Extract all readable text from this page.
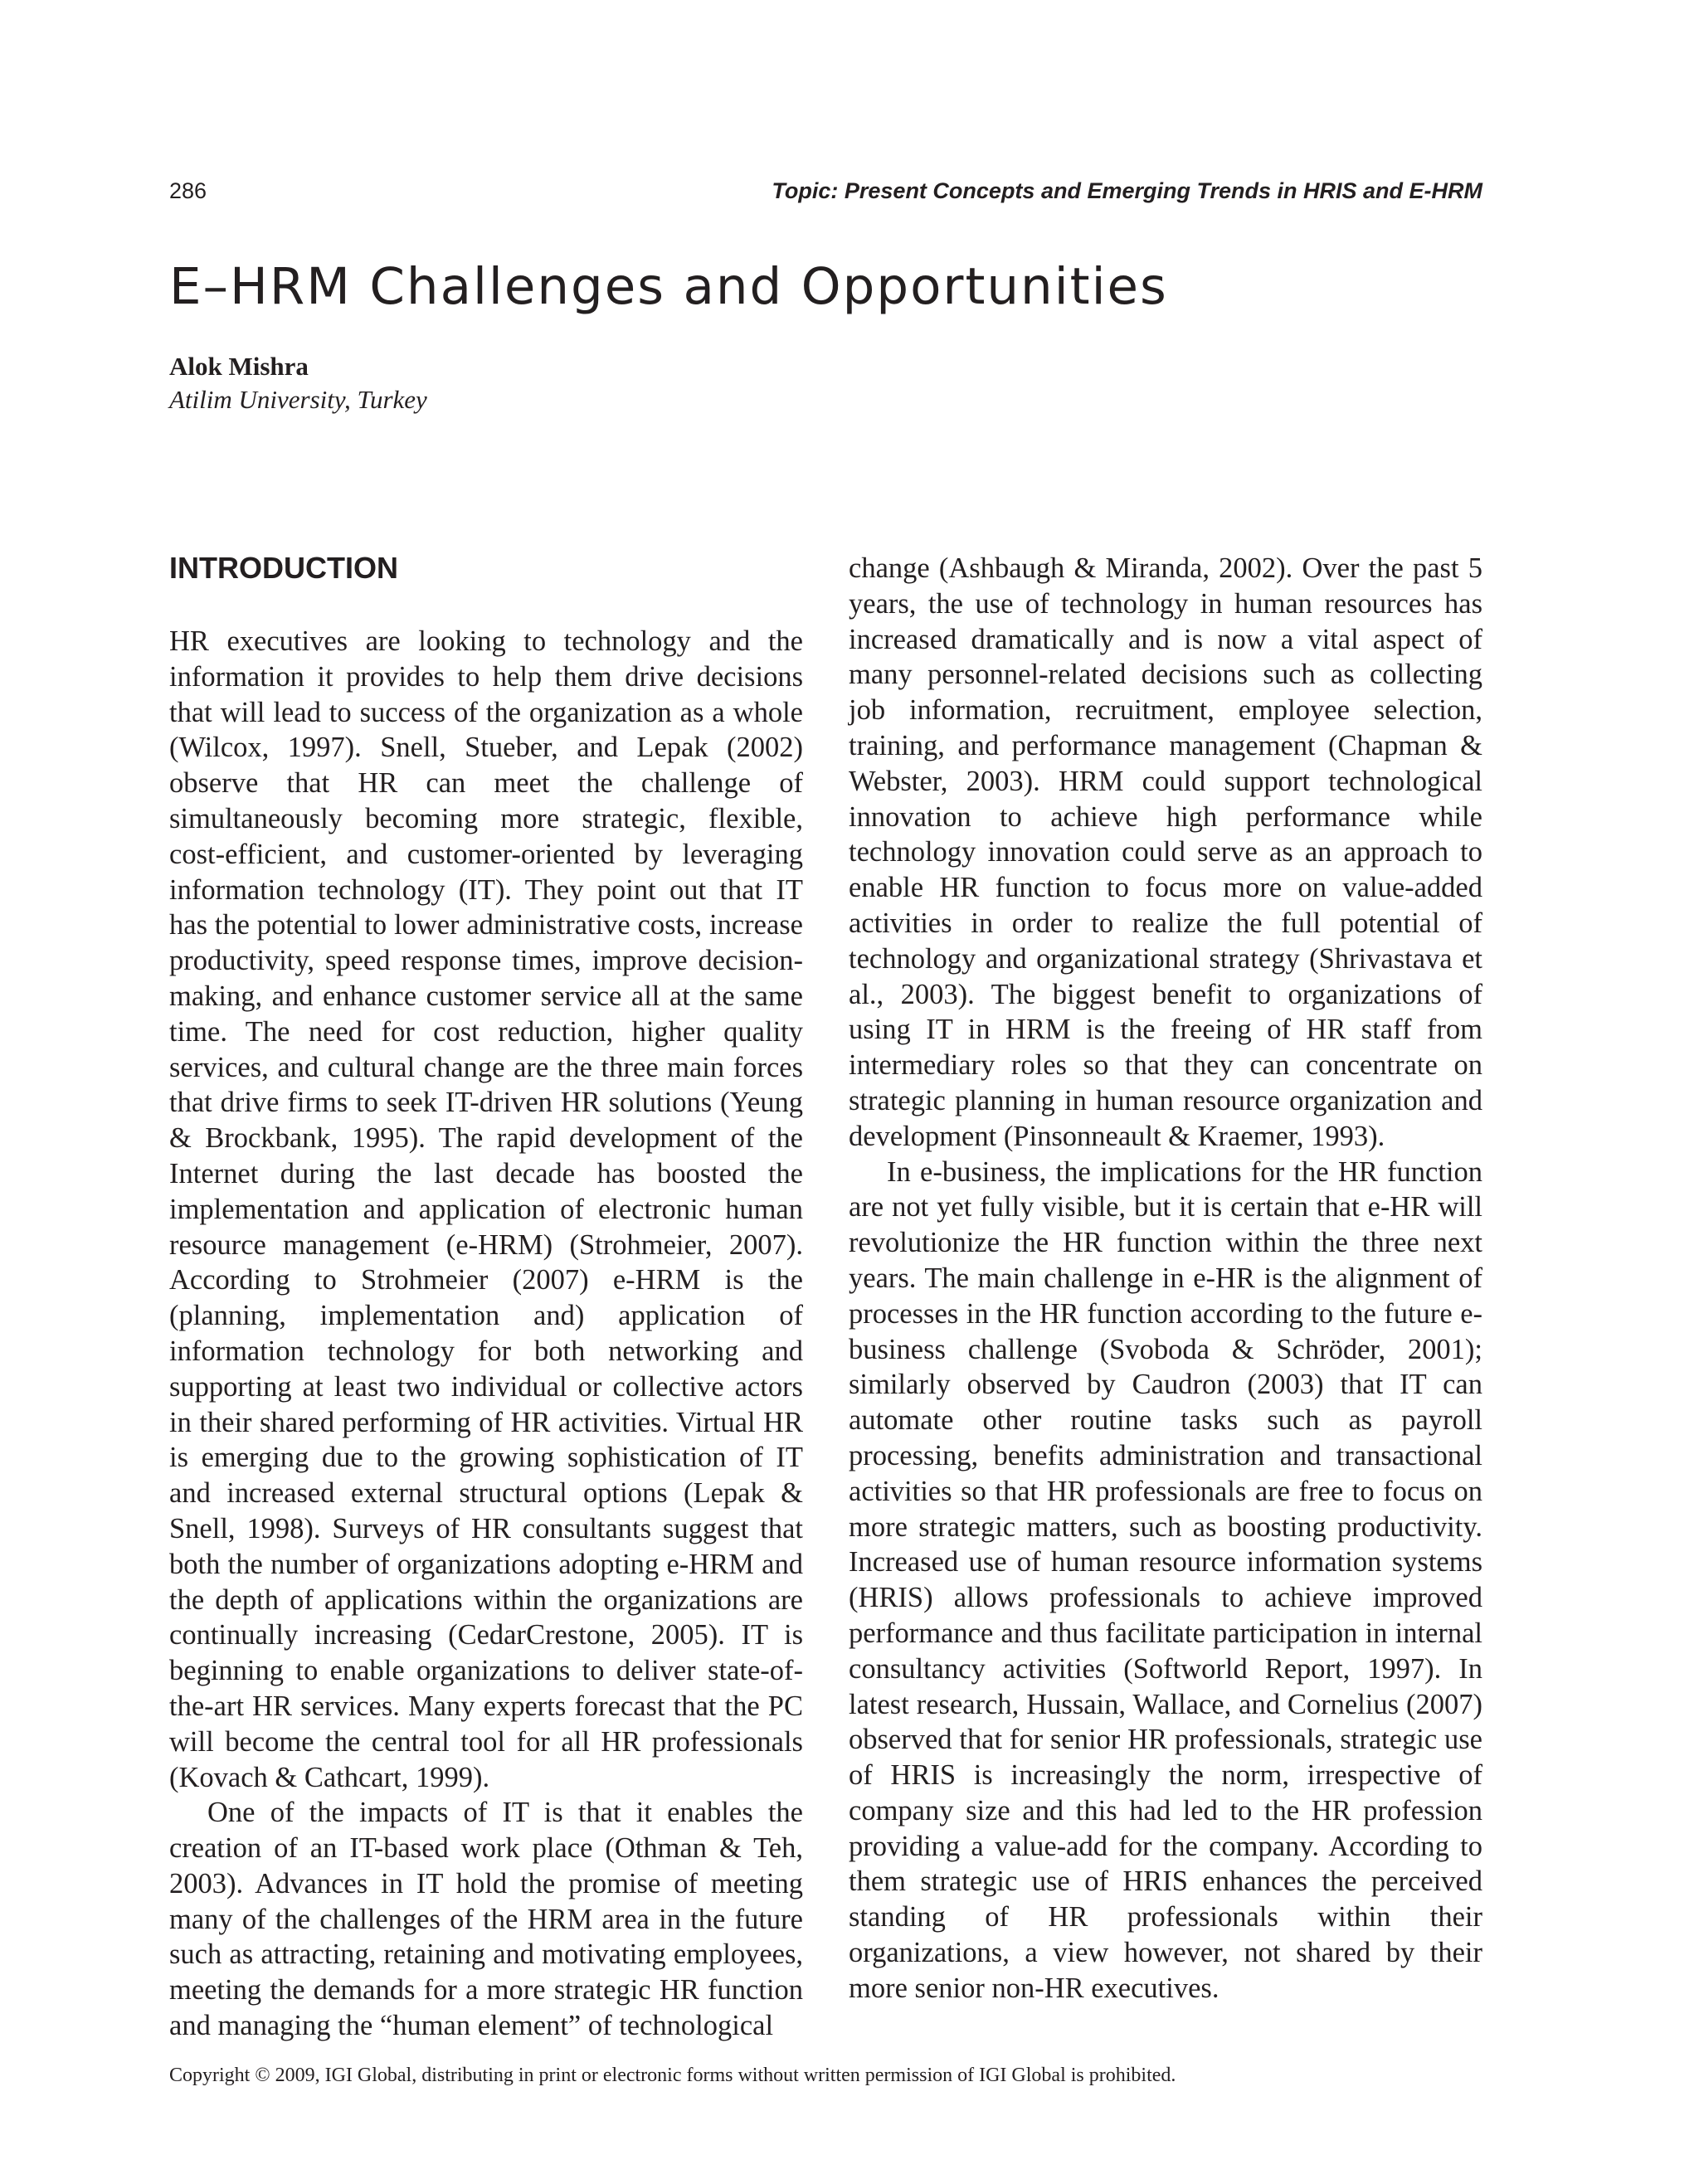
286	Topic: Present Concepts and Emerging Trends in HRIS and E-HRM
E–HRM Challenges and Opportunities
Alok Mishra
Atilim University, Turkey
INTRODUCTION

HR executives are looking to technology and the information it provides to help them drive decisions that will lead to success of the organization as a whole (Wilcox, 1997). Snell, Stueber, and Lepak (2002) observe that HR can meet the challenge of simultaneously becoming more strategic, flexible, cost-efficient, and customer-oriented by leveraging information technology (IT). They point out that IT has the potential to lower administrative costs, increase productivity, speed response times, improve decision-making, and enhance customer service all at the same time. The need for cost reduction, higher quality services, and cultural change are the three main forces that drive firms to seek IT-driven HR solutions (Yeung & Brockbank, 1995). The rapid development of the Internet during the last decade has boosted the implementation and application of electronic human resource management (e-HRM) (Strohmeier, 2007). According to Strohmeier (2007) e-HRM is the (planning, implementation and) application of information technology for both networking and supporting at least two individual or collective actors in their shared performing of HR activities. Virtual HR is emerging due to the growing sophistication of IT and increased external structural options (Lepak & Snell, 1998). Surveys of HR consultants suggest that both the number of organizations adopting e-HRM and the depth of applications within the organizations are continually increasing (CedarCrestone, 2005). IT is beginning to enable organizations to deliver state-of-the-art HR services. Many experts forecast that the PC will become the central tool for all HR professionals (Kovach & Cathcart, 1999).

One of the impacts of IT is that it enables the creation of an IT-based work place (Othman & Teh, 2003). Advances in IT hold the promise of meeting many of the challenges of the HRM area in the future such as attracting, retaining and motivating employees, meeting the demands for a more strategic HR function and managing the “human element” of technological

change (Ashbaugh & Miranda, 2002). Over the past 5 years, the use of technology in human resources has increased dramatically and is now a vital aspect of many personnel-related decisions such as collecting job information, recruitment, employee selection, training, and performance management (Chapman & Webster, 2003). HRM could support technological innovation to achieve high performance while technology innovation could serve as an approach to enable HR function to focus more on value-added activities in order to realize the full potential of technology and organizational strategy (Shrivastava et al., 2003). The biggest benefit to organizations of using IT in HRM is the freeing of HR staff from intermediary roles so that they can concentrate on strategic planning in human resource organization and development (Pinsonneault & Kraemer, 1993).

In e-business, the implications for the HR function are not yet fully visible, but it is certain that e-HR will revolutionize the HR function within the three next years. The main challenge in e-HR is the alignment of processes in the HR function according to the future e-business challenge (Svoboda & Schröder, 2001); similarly observed by Caudron (2003) that IT can automate other routine tasks such as payroll processing, benefits administration and transactional activities so that HR professionals are free to focus on more strategic matters, such as boosting productivity. Increased use of human resource information systems (HRIS) allows professionals to achieve improved performance and thus facilitate participation in internal consultancy activities (Softworld Report, 1997). In latest research, Hussain, Wallace, and Cornelius (2007) observed that for senior HR professionals, strategic use of HRIS is increasingly the norm, irrespective of company size and this had led to the HR profession providing a value-add for the company. According to them strategic use of HRIS enhances the perceived standing of HR professionals within their organizations, a view however, not shared by their more senior non-HR executives.

Copyright © 2009, IGI Global, distributing in print or electronic forms without written permission of IGI Global is prohibited.
